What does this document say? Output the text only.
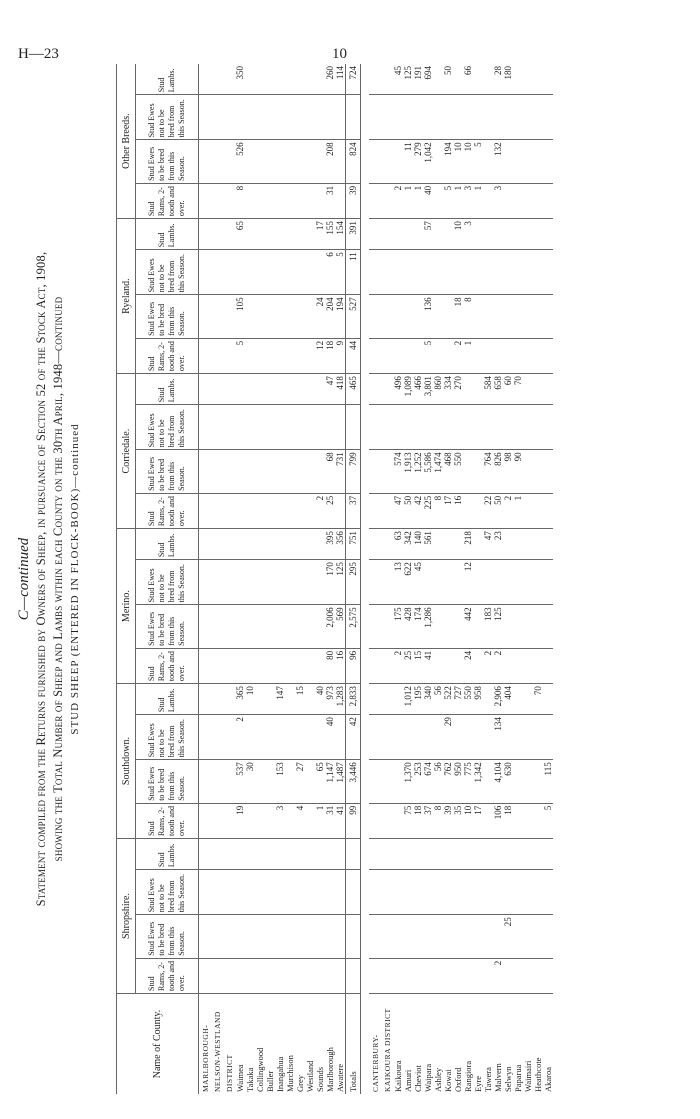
H—23	10
C—continued Statement compiled from the Returns furnished by Owners of Sheep, in pursuance of Section 52 of the Stock Act, 1908, showing the Total Number of Sheep and Lambs within each County on the 30th April, 1948—continued STUD SHEEP (ENTERED IN FLOCK-BOOK)—continued
Name of County.	Shropshire.				Southdown.				Merino.				Corriedale.				Ryeland.				Other Breeds.			
	Stud Rams, 2-tooth and over.	Stud Ewes to be bred from this Season.	Stud Ewes not to be bred from this Season.	Stud Lambs.	Stud Rams, 2-tooth and over.	Stud Ewes to be bred from this Season.	Stud Ewes not to be bred from this Season.	Stud Lambs.	Stud Rams, 2-tooth and over.	Stud Ewes to be bred from this Season.	Stud Ewes not to be bred from this Season.	Stud Lambs.	Stud Rams, 2-tooth and over.	Stud Ewes to be bred from this Season.	Stud Ewes not to be bred from this Season.	Stud Lambs.	Stud Rams, 2-tooth and over.	Stud Ewes to be bred from this Season.	Stud Ewes not to be bred from this Season.	Stud Lambs.	Stud Rams, 2-tooth and over.	Stud Ewes to be bred from this Season.	Stud Ewes not to be bred from this Season.	Stud Lambs.
MARLBOROUGH-																								
NELSON-WESTLAND																								
DISTRICT																								
Waimea					19	537	2	365									5	105		65	8	526		350
Takaka						30		10																
Collingwood																								
Buller																								
Inangahua					3	153		147																
Murchison																								
Grey					4	27		15																
Westland																								
Sounds					1	65		40					2				12	24		17				
Marlborough					31	1,147	40	973	80	2,006	170	395	25	68		47	18	204	6	155	31	208		260
Awatere					41	1,487		1,283	16	569	125	356		731		418	9	194	5	154				114
Totals					99	3,446	42	2,833	96	2,575	295	751	37	799		465	44	527	11	391	39	824		724

CANTERBURY-																								
KAIKOURA DISTRICT																								
Kaikoura									2	175	13	63	47	574		496					2			45
Amuri					75	1,370		1,012	25	428	622	342	50	1,913		1,089					1	11		125
Cheviot					18	253		195	15	174	45	140	42	1,252		466					1	279		191
Waipara					37	674		340	41	1,286		561	225	5,586		3,801	5	136		57	40	1,042		694
Ashley					8	56		56					8	1,474		860								
Kowai					39	762	29	522					17	468		334					5	194		50
Oxford					35	950		727					16	550		270	2	18		10	1	10		
Rangiora					10	775		550	24	442	12	218					1	8		3	3	10		66
Eyre					17	1,342		958													1	5		
Tawera									2	183		47	22	764		584								
Malvern	2				106	4,104	134	2,906	2	125		23	50	826		658					3	132		28
Selwyn		25			18	630		404					2	98		60								180
Paparua													1	90		70								
Waimairi																								
Heathcote								70																
Akaroa					5	115																		
